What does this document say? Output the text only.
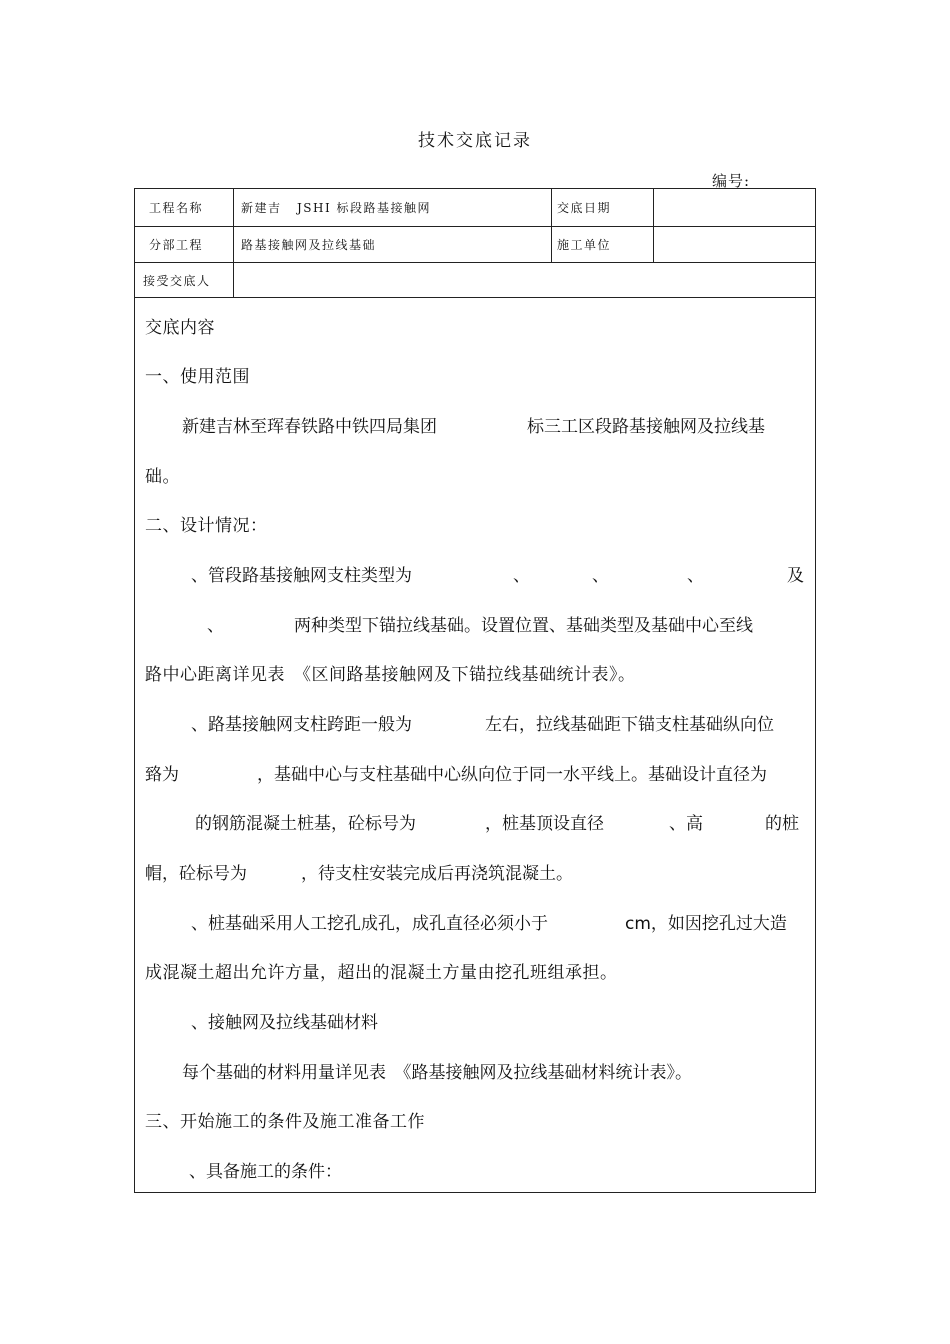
技术交底记录
编号:
工程名称	新建吉 JSHI 标段路基接触网	交底日期
分部工程	路基接触网及拉线基础	施工单位
接受交底人
交底内容
一、使用范围
新建吉林至珲春铁路中铁四局集团	标三工区段路基接触网及拉线基
础。
二、设计情况：
、管段路基接触网支柱类型为	、	、	、	及
、	两种类型下锚拉线基础。设置位置、基础类型及基础中心至线
路中心距离详见表　《区间路基接触网及下锚拉线基础统计表》。
、路基接触网支柱跨距一般为	左右，拉线基础距下锚支柱基础纵向位
臵为	，基础中心与支柱基础中心纵向位于同一水平线上。基础设计直径为
的钢筋混凝土桩基，砼标号为	，桩基顶设直径	、高	的桩
帽，砼标号为	，待支柱安装完成后再浇筑混凝土。
、桩基础采用人工挖孔成孔，成孔直径必须小于	cm，如因挖孔过大造
成混凝土超出允许方量，超出的混凝土方量由挖孔班组承担。
、接触网及拉线基础材料
每个基础的材料用量详见表　《路基接触网及拉线基础材料统计表》。
三、开始施工的条件及施工准备工作
、具备施工的条件：
